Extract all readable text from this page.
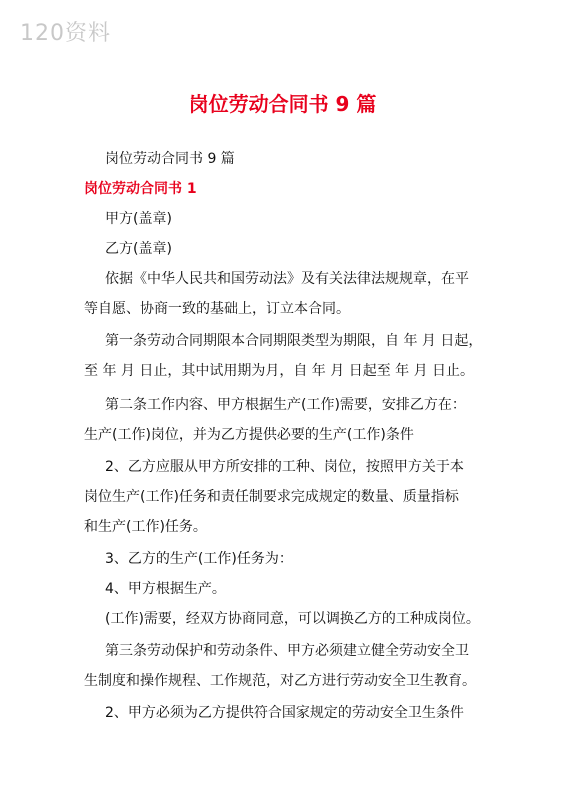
120资料
岗位劳动合同书 9 篇

岗位劳动合同书 9 篇

岗位劳动合同书 1

甲方(盖章)

乙方(盖章)

依据《中华人民共和国劳动法》及有关法律法规规章，在平

等自愿、协商一致的基础上，订立本合同。

第一条劳动合同期限本合同期限类型为期限，自 年 月 日起，

至 年 月 日止，其中试用期为月，自 年 月 日起至 年 月 日止。

第二条工作内容、甲方根据生产(工作)需要，安排乙方在：

生产(工作)岗位，并为乙方提供必要的生产(工作)条件

2、乙方应服从甲方所安排的工种、岗位，按照甲方关于本

岗位生产(工作)任务和责任制要求完成规定的数量、质量指标

和生产(工作)任务。

3、乙方的生产(工作)任务为：

4、甲方根据生产。

(工作)需要，经双方协商同意，可以调换乙方的工种成岗位。

第三条劳动保护和劳动条件、甲方必须建立健全劳动安全卫

生制度和操作规程、工作规范，对乙方进行劳动安全卫生教育。

2、甲方必须为乙方提供符合国家规定的劳动安全卫生条件
